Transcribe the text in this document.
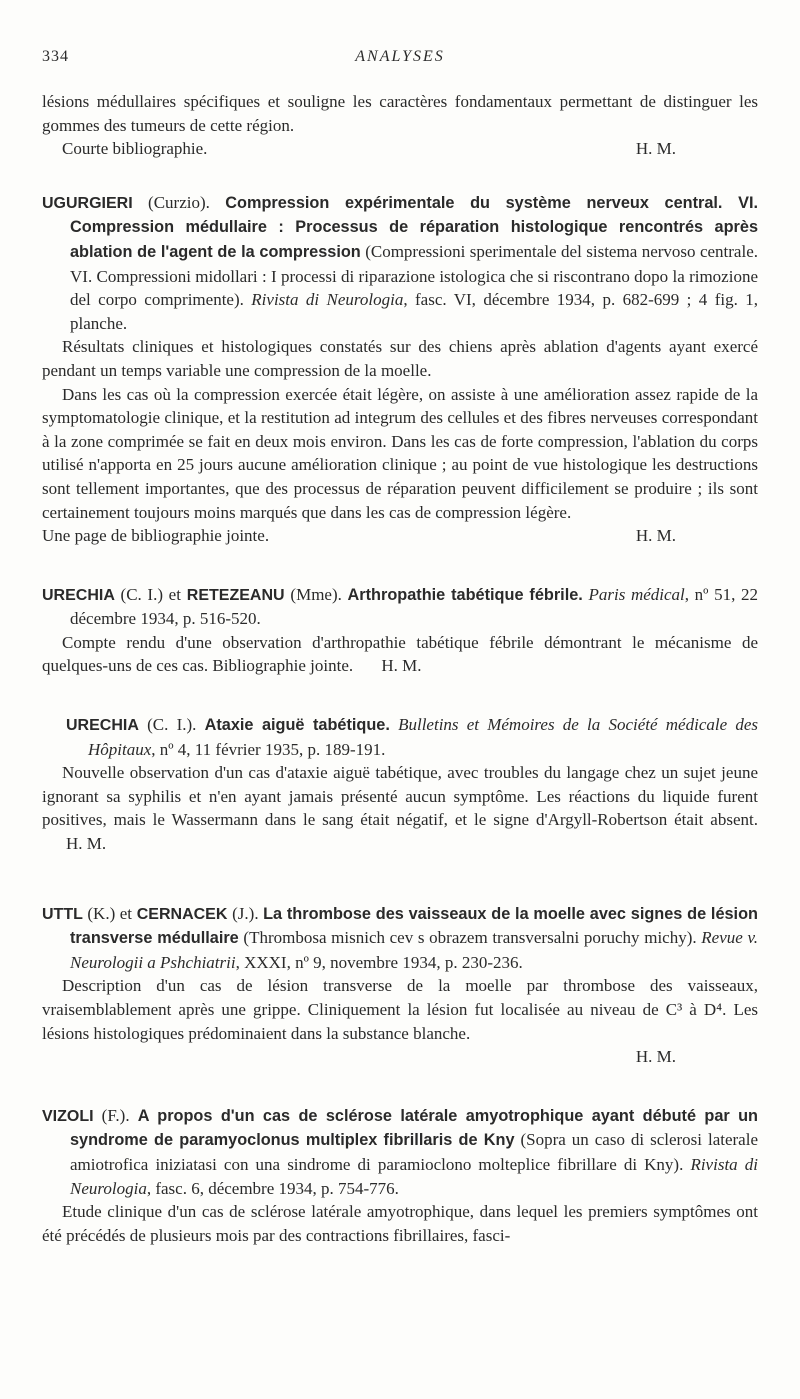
334	ANALYSES

lésions médullaires spécifiques et souligne les caractères fondamentaux permettant de distinguer les gommes des tumeurs de cette région.

Courte bibliographie.	H. M.

UGURGIERI (Curzio). Compression expérimentale du système nerveux central. VI. Compression médullaire : Processus de réparation histologique rencontrés après ablation de l'agent de la compression (Compressioni sperimentale del sistema nervoso centrale. VI. Compressioni midollari : I processi di riparazione istologica che si riscontrano dopo la rimozione del corpo comprimente). Rivista di Neurologia, fasc. VI, décembre 1934, p. 682-699 ; 4 fig. 1, planche.

Résultats cliniques et histologiques constatés sur des chiens après ablation d'agents ayant exercé pendant un temps variable une compression de la moelle.

Dans les cas où la compression exercée était légère, on assiste à une amélioration assez rapide de la symptomatologie clinique, et la restitution ad integrum des cellules et des fibres nerveuses correspondant à la zone comprimée se fait en deux mois environ. Dans les cas de forte compression, l'ablation du corps utilisé n'apporta en 25 jours aucune amélioration clinique ; au point de vue histologique les destructions sont tellement importantes, que des processus de réparation peuvent difficilement se produire ; ils sont certainement toujours moins marqués que dans les cas de compression légère.

Une page de bibliographie jointe.	H. M.

URECHIA (C. I.) et RETEZEANU (Mme). Arthropathie tabétique fébrile. Paris médical, nº 51, 22 décembre 1934, p. 516-520.

Compte rendu d'une observation d'arthropathie tabétique fébrile démontrant le mécanisme de quelques-uns de ces cas. Bibliographie jointe. H. M.

URECHIA (C. I.). Ataxie aiguë tabétique. Bulletins et Mémoires de la Société médicale des Hôpitaux, nº 4, 11 février 1935, p. 189-191.

Nouvelle observation d'un cas d'ataxie aiguë tabétique, avec troubles du langage chez un sujet jeune ignorant sa syphilis et n'en ayant jamais présenté aucun symptôme. Les réactions du liquide furent positives, mais le Wassermann dans le sang était négatif, et le signe d'Argyll-Robertson était absent. H. M.

UTTL (K.) et CERNACEK (J.). La thrombose des vaisseaux de la moelle avec signes de lésion transverse médullaire (Thrombosa misnich cev s obrazem transversalni poruchy michy). Revue v. Neurologii a Pshchiatrii, XXXI, nº 9, novembre 1934, p. 230-236.

Description d'un cas de lésion transverse de la moelle par thrombose des vaisseaux, vraisemblablement après une grippe. Cliniquement la lésion fut localisée au niveau de C³ à D⁴. Les lésions histologiques prédominaient dans la substance blanche.

H. M.

VIZOLI (F.). A propos d'un cas de sclérose latérale amyotrophique ayant débuté par un syndrome de paramyoclonus multiplex fibrillaris de Kny (Sopra un caso di sclerosi laterale amiotrofica iniziatasi con una sindrome di paramioclono molteplice fibrillare di Kny). Rivista di Neurologia, fasc. 6, décembre 1934, p. 754-776.

Etude clinique d'un cas de sclérose latérale amyotrophique, dans lequel les premiers symptômes ont été précédés de plusieurs mois par des contractions fibrillaires, fasci-
